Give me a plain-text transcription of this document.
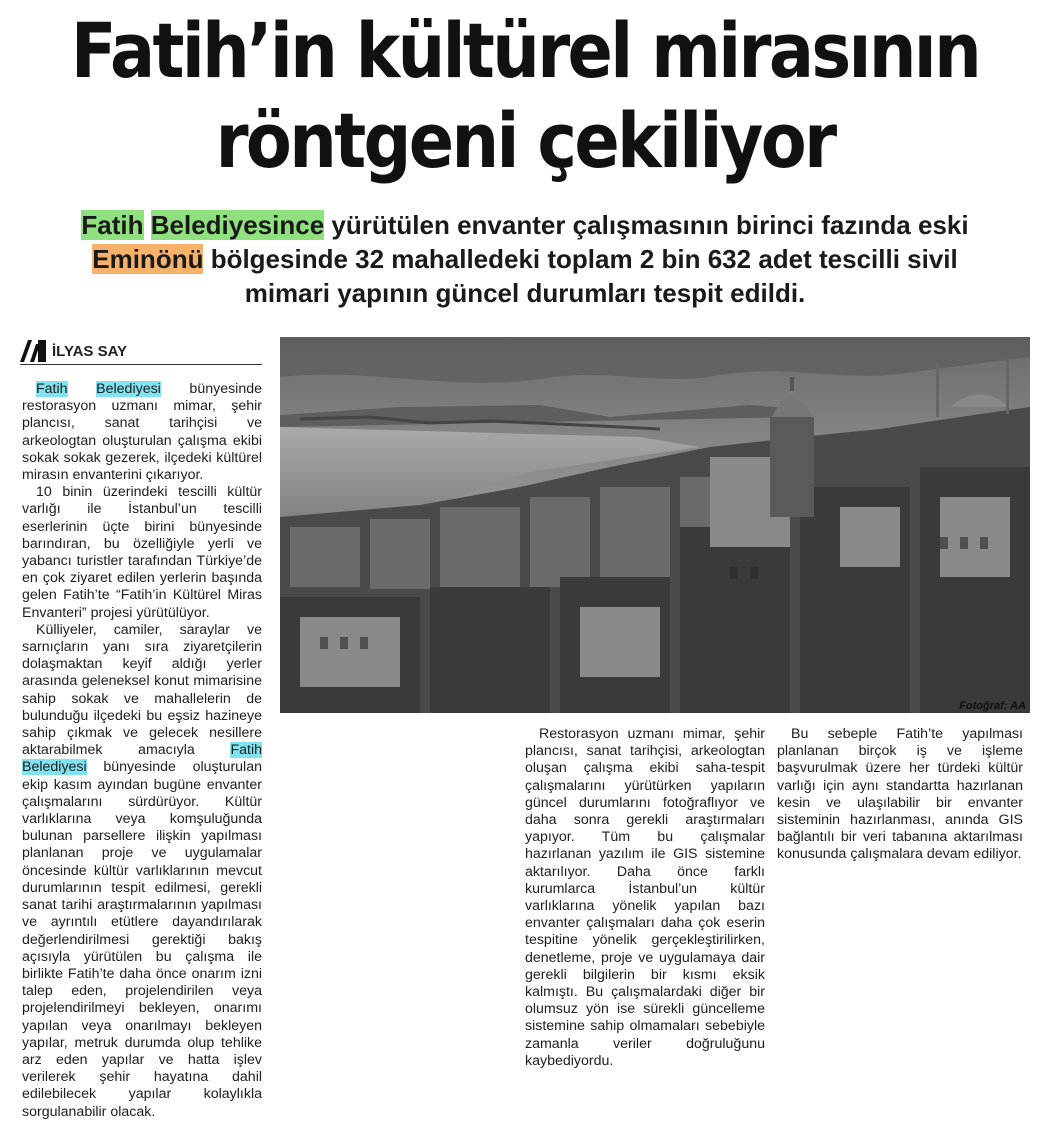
Fatih’in kültürel mirasının
röntgeni çekiliyor

Fatih Belediyesince yürütülen envanter çalışmasının birinci fazında eski
Eminönü bölgesinde 32 mahalledeki toplam 2 bin 632 adet tescilli sivil
mimari yapının güncel durumları tespit edildi.

İLYAS SAY
Fotoğraf: AA

Fatih Belediyesi bünyesinde restorasyon uzmanı mimar, şehir plancısı, sanat tarihçisi ve arkeologtan oluşturulan çalışma ekibi sokak sokak gezerek, ilçedeki kültürel mirasın envanterini çıkarıyor.

10 binin üzerindeki tescilli kültür varlığı ile İstanbul’un tescilli eserlerinin üçte birini bünyesinde barındıran, bu özelliğiyle yerli ve yabancı turistler tarafından Türkiye’de en çok ziyaret edilen yerlerin başında gelen Fatih’te “Fatih’in Kültürel Miras Envanteri” projesi yürütülüyor.

Külliyeler, camiler, saraylar ve sarnıçların yanı sıra ziyaretçilerin dolaşmaktan keyif aldığı yerler arasında geleneksel konut mimarisine sahip sokak ve mahallelerin de bulunduğu ilçedeki bu eşsiz hazineye sahip çıkmak ve gelecek nesillere aktarabilmek amacıyla Fatih Belediyesi bünyesinde oluşturulan ekip kasım ayından bugüne envanter çalışmalarını sürdürüyor. Kültür varlıklarına veya komşuluğunda bulunan parsellere ilişkin yapılması planlanan proje ve uygulamalar öncesinde kültür varlıklarının mevcut durumlarının tespit edilmesi, gerekli sanat tarihi araştırmalarının yapılması ve ayrıntılı etütlere dayandırılarak değerlendirilmesi gerektiği bakış açısıyla yürütülen bu çalışma ile birlikte Fatih’te daha önce onarım izni talep eden, projelendirilen veya projelendirilmeyi bekleyen, onarımı yapılan veya onarılmayı bekleyen yapılar, metruk durumda olup tehlike arz eden yapılar ve hatta işlev verilerek şehir hayatına dahil edilebilecek yapılar kolaylıkla sorgulanabilir olacak.

Restorasyon uzmanı mimar, şehir plancısı, sanat tarihçisi, arkeologtan oluşan çalışma ekibi saha-tespit çalışmalarını yürütürken yapıların güncel durumlarını fotoğraflıyor ve daha sonra gerekli araştırmaları yapıyor. Tüm bu çalışmalar hazırlanan yazılım ile GIS sistemine aktarılıyor. Daha önce farklı kurumlarca İstanbul’un kültür varlıklarına yönelik yapılan bazı envanter çalışmaları daha çok eserin tespitine yönelik gerçekleştirilirken, denetleme, proje ve uygulamaya dair gerekli bilgilerin bir kısmı eksik kalmıştı. Bu çalışmalardaki diğer bir olumsuz yön ise sürekli güncelleme sistemine sahip olmamaları sebebiyle zamanla veriler doğruluğunu kaybediyordu.

Bu sebeple Fatih’te yapılması planlanan birçok iş ve işleme başvurulmak üzere her türdeki kültür varlığı için aynı standartta hazırlanan kesin ve ulaşılabilir bir envanter sisteminin hazırlanması, anında GIS bağlantılı bir veri tabanına aktarılması konusunda çalışmalara devam ediliyor.
